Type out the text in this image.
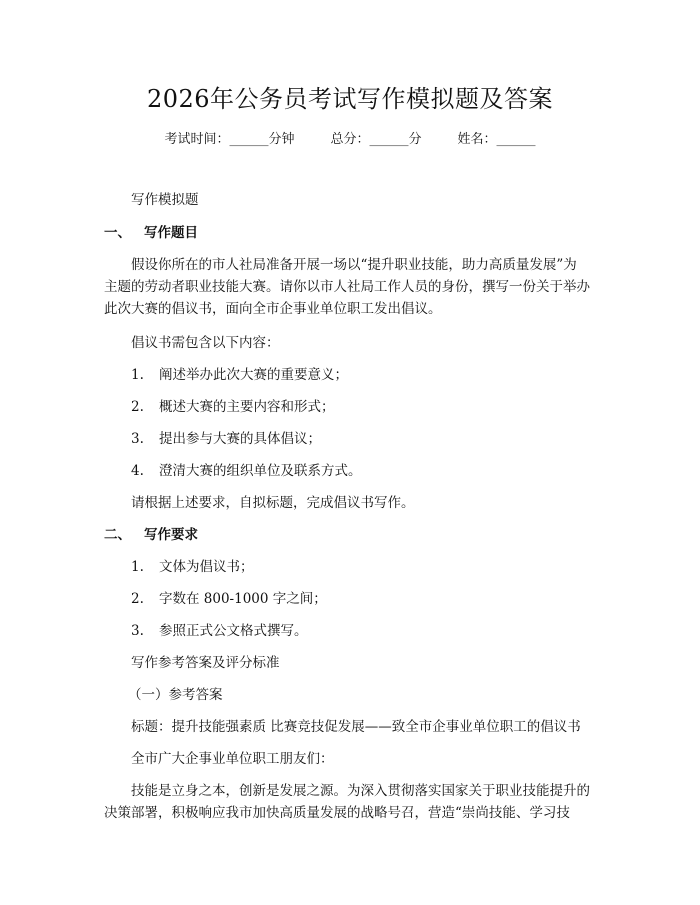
2026年公务员考试写作模拟题及答案
考试时间：______分钟	总分：______分	姓名：______
写作模拟题
一、 写作题目
假设你所在的市人社局准备开展一场以“提升职业技能，助力高质量发展”为
主题的劳动者职业技能大赛。请你以市人社局工作人员的身份，撰写一份关于举办
此次大赛的倡议书，面向全市企事业单位职工发出倡议。
倡议书需包含以下内容：
1. 阐述举办此次大赛的重要意义；
2. 概述大赛的主要内容和形式；
3. 提出参与大赛的具体倡议；
4. 澄清大赛的组织单位及联系方式。
请根据上述要求，自拟标题，完成倡议书写作。
二、 写作要求
1. 文体为倡议书；
2. 字数在 800-1000 字之间；
3. 参照正式公文格式撰写。
写作参考答案及评分标准
（一）参考答案
标题：提升技能强素质 比赛竞技促发展——致全市企事业单位职工的倡议书
全市广大企事业单位职工朋友们：
技能是立身之本，创新是发展之源。为深入贯彻落实国家关于职业技能提升的
决策部署，积极响应我市加快高质量发展的战略号召，营造“崇尚技能、学习技
